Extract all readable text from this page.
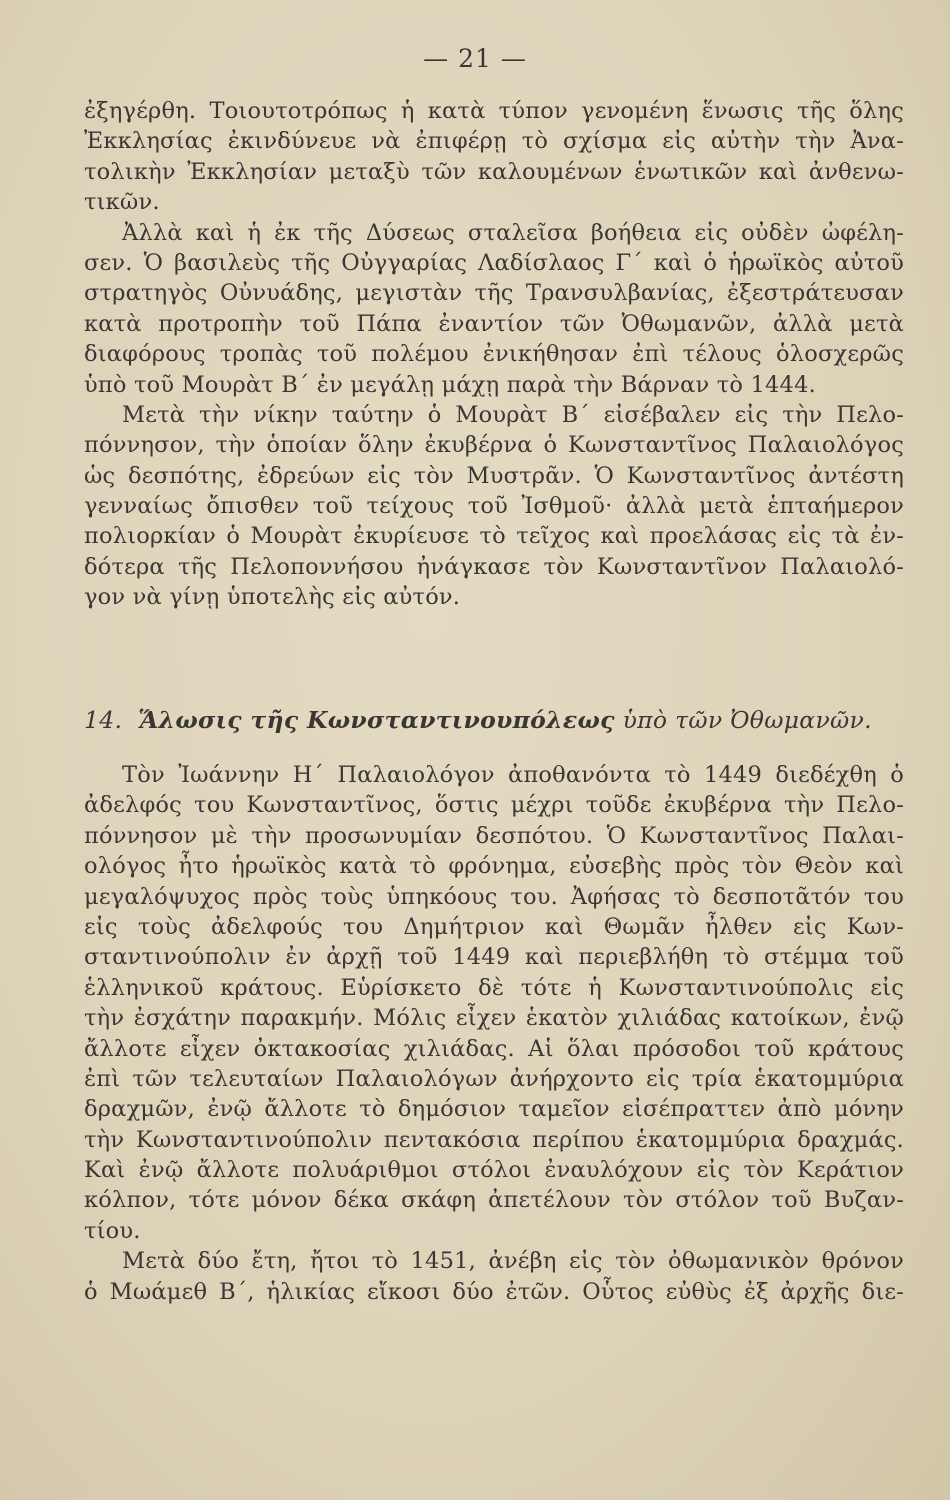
— 21 —
ἐξηγέρθη. Τοιουτοτρόπως ἡ κατὰ τύπον γενομένη ἕνωσις τῆς ὅλης
Ἐκκλησίας ἐκινδύνευε νὰ ἐπιφέρῃ τὸ σχίσμα εἰς αὐτὴν τὴν Ἀνα-
τολικὴν Ἐκκλησίαν μεταξὺ τῶν καλουμένων ἑνωτικῶν καὶ ἀνθενω-
τικῶν.
Ἀλλὰ καὶ ἡ ἐκ τῆς Δύσεως σταλεῖσα βοήθεια εἰς οὐδὲν ὠφέλη-
σεν. Ὁ βασιλεὺς τῆς Οὐγγαρίας Λαδίσλαος Γ΄ καὶ ὁ ἡρωϊκὸς αὐτοῦ
στρατηγὸς Οὐνυάδης, μεγιστὰν τῆς Τρανσυλβανίας, ἐξεστράτευσαν
κατὰ προτροπὴν τοῦ Πάπα ἐναντίον τῶν Ὀθωμανῶν, ἀλλὰ μετὰ
διαφόρους τροπὰς τοῦ πολέμου ἐνικήθησαν ἐπὶ τέλους ὁλοσχερῶς
ὑπὸ τοῦ Μουρὰτ Β΄ ἐν μεγάλῃ μάχῃ παρὰ τὴν Βάρναν τὸ 1444.
Μετὰ τὴν νίκην ταύτην ὁ Μουρὰτ Β΄ εἰσέβαλεν εἰς τὴν Πελο-
πόννησον, τὴν ὁποίαν ὅλην ἐκυβέρνα ὁ Κωνσταντῖνος Παλαιολόγος
ὡς δεσπότης, ἐδρεύων εἰς τὸν Μυστρᾶν. Ὁ Κωνσταντῖνος ἀντέστη
γενναίως ὄπισθεν τοῦ τείχους τοῦ Ἰσθμοῦ· ἀλλὰ μετὰ ἑπταήμερον
πολιορκίαν ὁ Μουρὰτ ἐκυρίευσε τὸ τεῖχος καὶ προελάσας εἰς τὰ ἐν-
δότερα τῆς Πελοποννήσου ἠνάγκασε τὸν Κωνσταντῖνον Παλαιολό-
γον νὰ γίνῃ ὑποτελὴς εἰς αὐτόν.
14. Ἅλωσις τῆς Κωνσταντινουπόλεως ὑπὸ τῶν Ὀθωμανῶν.
Τὸν Ἰωάννην Η΄ Παλαιολόγον ἀποθανόντα τὸ 1449 διεδέχθη ὁ
ἀδελφός του Κωνσταντῖνος, ὅστις μέχρι τοῦδε ἐκυβέρνα τὴν Πελο-
πόννησον μὲ τὴν προσωνυμίαν δεσπότου. Ὁ Κωνσταντῖνος Παλαι-
ολόγος ἦτο ἡρωϊκὸς κατὰ τὸ φρόνημα, εὐσεβὴς πρὸς τὸν Θεὸν καὶ
μεγαλόψυχος πρὸς τοὺς ὑπηκόους του. Ἀφήσας τὸ δεσποτᾶτόν του
εἰς τοὺς ἀδελφούς του Δημήτριον καὶ Θωμᾶν ἦλθεν εἰς Κων-
σταντινούπολιν ἐν ἀρχῇ τοῦ 1449 καὶ περιεβλήθη τὸ στέμμα τοῦ
ἑλληνικοῦ κράτους. Εὑρίσκετο δὲ τότε ἡ Κωνσταντινούπολις εἰς
τὴν ἐσχάτην παρακμήν. Μόλις εἶχεν ἑκατὸν χιλιάδας κατοίκων, ἐνῷ
ἄλλοτε εἶχεν ὀκτακοσίας χιλιάδας. Αἱ ὅλαι πρόσοδοι τοῦ κράτους
ἐπὶ τῶν τελευταίων Παλαιολόγων ἀνήρχοντο εἰς τρία ἑκατομμύρια
δραχμῶν, ἐνῷ ἄλλοτε τὸ δημόσιον ταμεῖον εἰσέπραττεν ἀπὸ μόνην
τὴν Κωνσταντινούπολιν πεντακόσια περίπου ἑκατομμύρια δραχμάς.
Καὶ ἐνῷ ἄλλοτε πολυάριθμοι στόλοι ἐναυλόχουν εἰς τὸν Κεράτιον
κόλπον, τότε μόνον δέκα σκάφη ἀπετέλουν τὸν στόλον τοῦ Βυζαν-
τίου.
Μετὰ δύο ἔτη, ἤτοι τὸ 1451, ἀνέβη εἰς τὸν ὀθωμανικὸν θρόνον
ὁ Μωάμεθ Β΄, ἡλικίας εἴκοσι δύο ἐτῶν. Οὗτος εὐθὺς ἐξ ἀρχῆς διε-
